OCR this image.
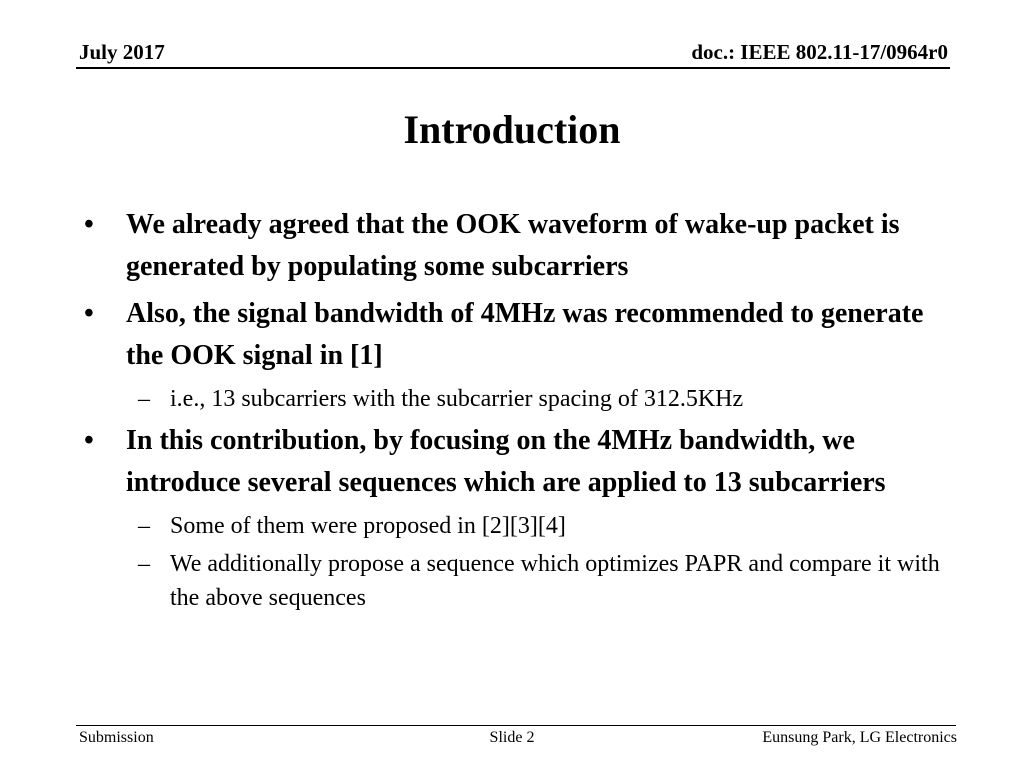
July 2017	doc.: IEEE 802.11-17/0964r0
Introduction
• We already agreed that the OOK waveform of wake-up packet is generated by populating some subcarriers
• Also, the signal bandwidth of 4MHz was recommended to generate the OOK signal in [1]
– i.e., 13 subcarriers with the subcarrier spacing of 312.5KHz
• In this contribution, by focusing on the 4MHz bandwidth, we introduce several sequences which are applied to 13 subcarriers
– Some of them were proposed in [2][3][4]
– We additionally propose a sequence which optimizes PAPR and compare it with the above sequences
Submission	Slide 2	Eunsung Park, LG Electronics
